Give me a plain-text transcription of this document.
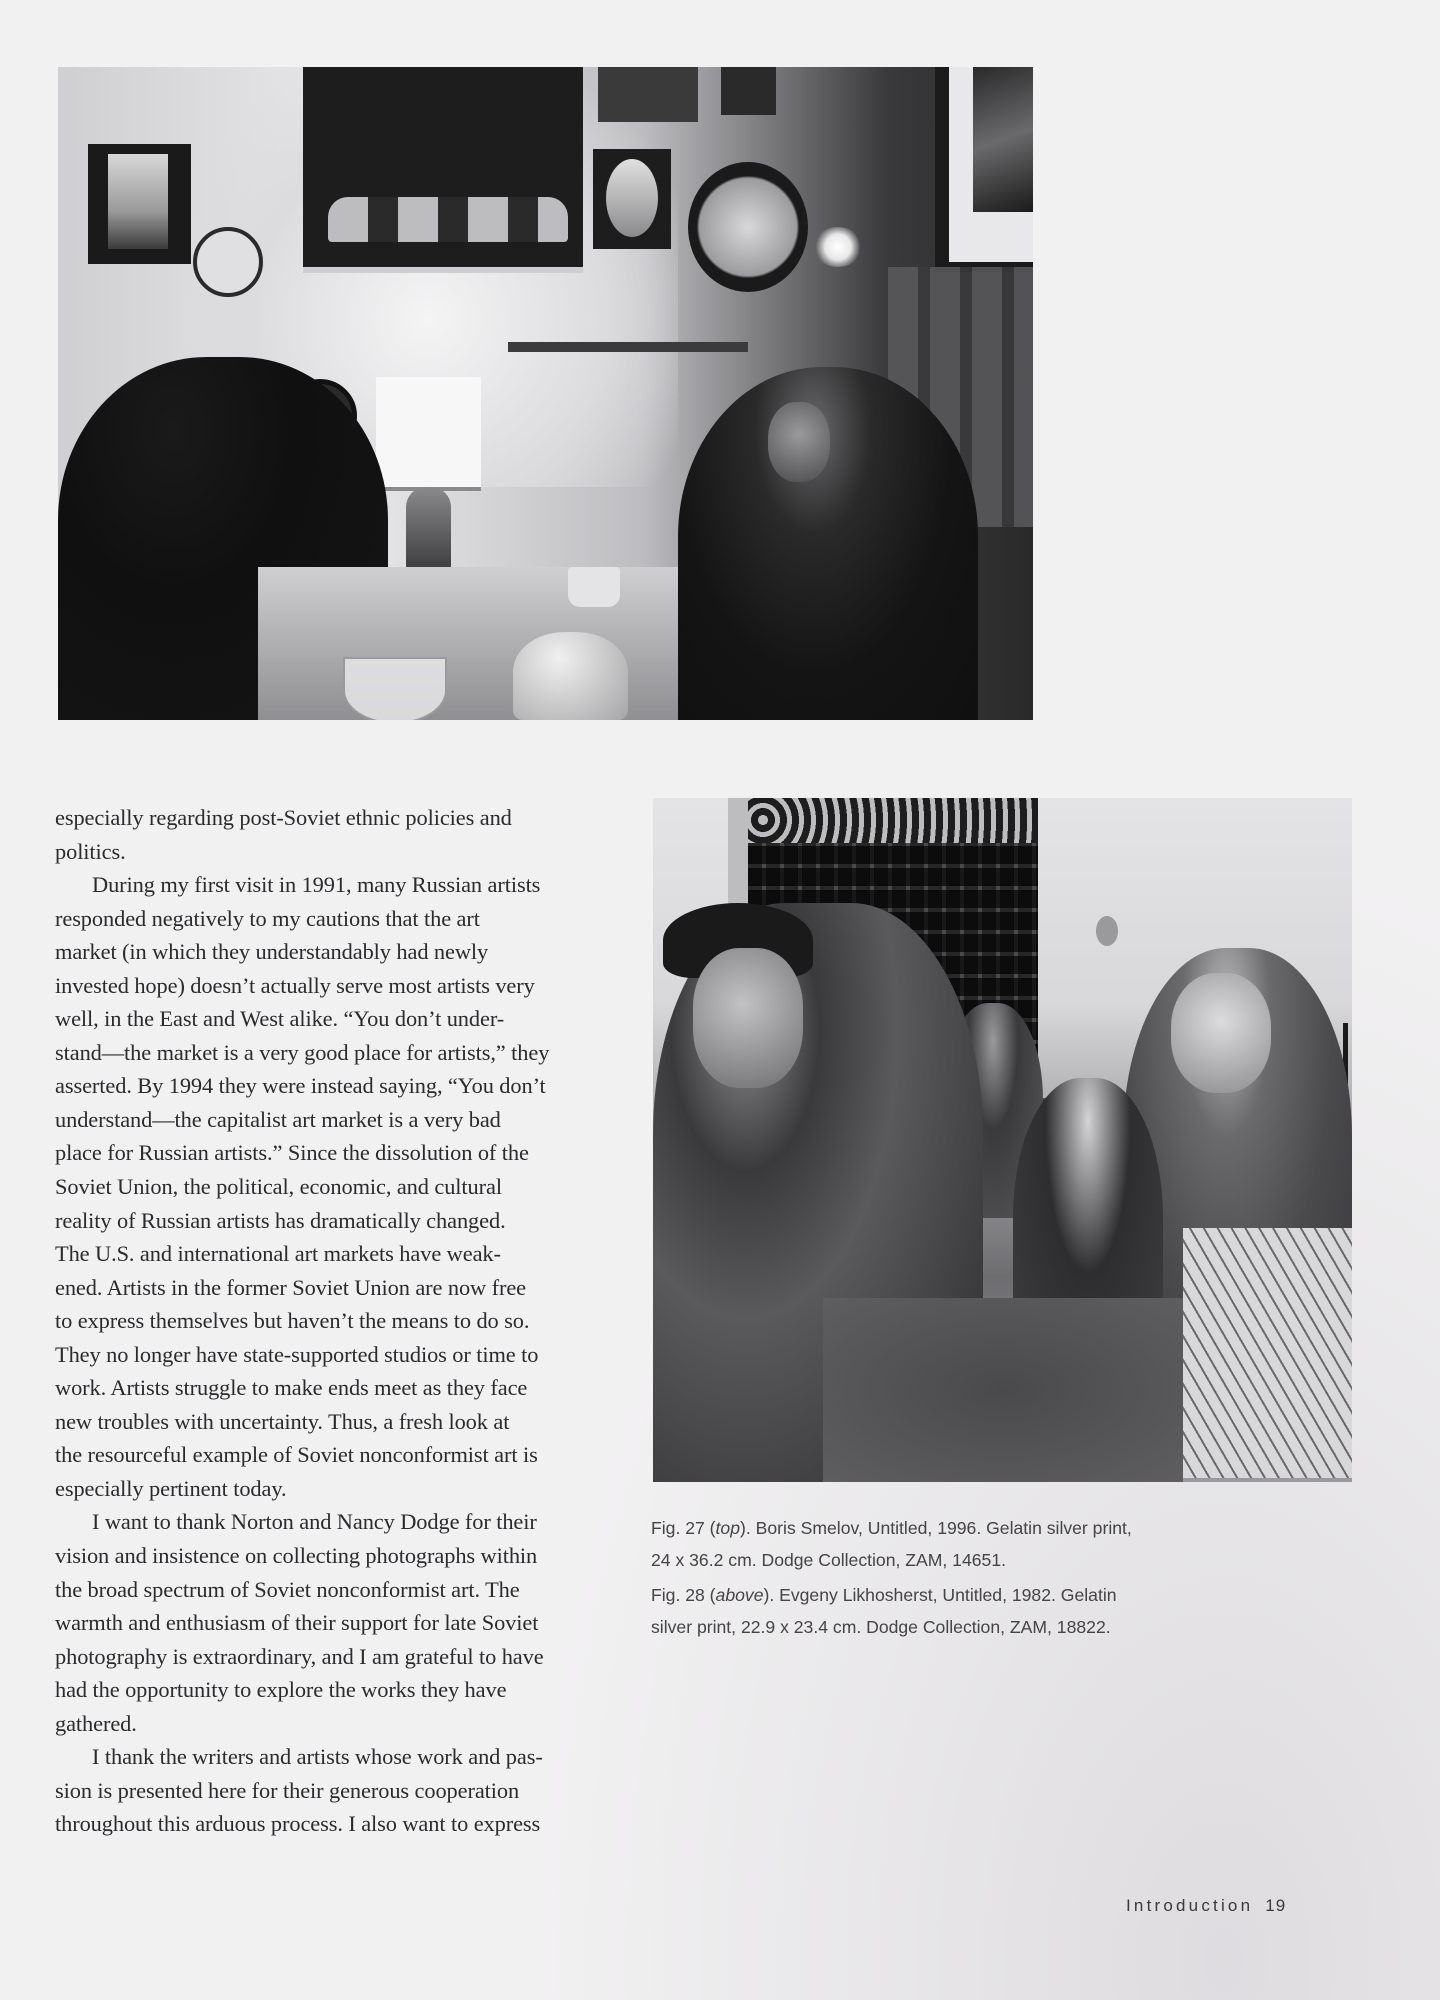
especially regarding post-Soviet ethnic policies and
politics.
During my first visit in 1991, many Russian artists
responded negatively to my cautions that the art
market (in which they understandably had newly
invested hope) doesn’t actually serve most artists very
well, in the East and West alike. “You don’t under-
stand—the market is a very good place for artists,” they
asserted. By 1994 they were instead saying, “You don’t
understand—the capitalist art market is a very bad
place for Russian artists.” Since the dissolution of the
Soviet Union, the political, economic, and cultural
reality of Russian artists has dramatically changed.
The U.S. and international art markets have weak-
ened. Artists in the former Soviet Union are now free
to express themselves but haven’t the means to do so.
They no longer have state-supported studios or time to
work. Artists struggle to make ends meet as they face
new troubles with uncertainty. Thus, a fresh look at
the resourceful example of Soviet nonconformist art is
especially pertinent today.
I want to thank Norton and Nancy Dodge for their
vision and insistence on collecting photographs within
the broad spectrum of Soviet nonconformist art. The
warmth and enthusiasm of their support for late Soviet
photography is extraordinary, and I am grateful to have
had the opportunity to explore the works they have
gathered.
I thank the writers and artists whose work and pas-
sion is presented here for their generous cooperation
throughout this arduous process. I also want to express
Fig. 27 (top). Boris Smelov, Untitled, 1996. Gelatin silver print,
24 x 36.2 cm. Dodge Collection, ZAM, 14651.
Fig. 28 (above). Evgeny Likhosherst, Untitled, 1982. Gelatin
silver print, 22.9 x 23.4 cm. Dodge Collection, ZAM, 18822.
Introduction 19
